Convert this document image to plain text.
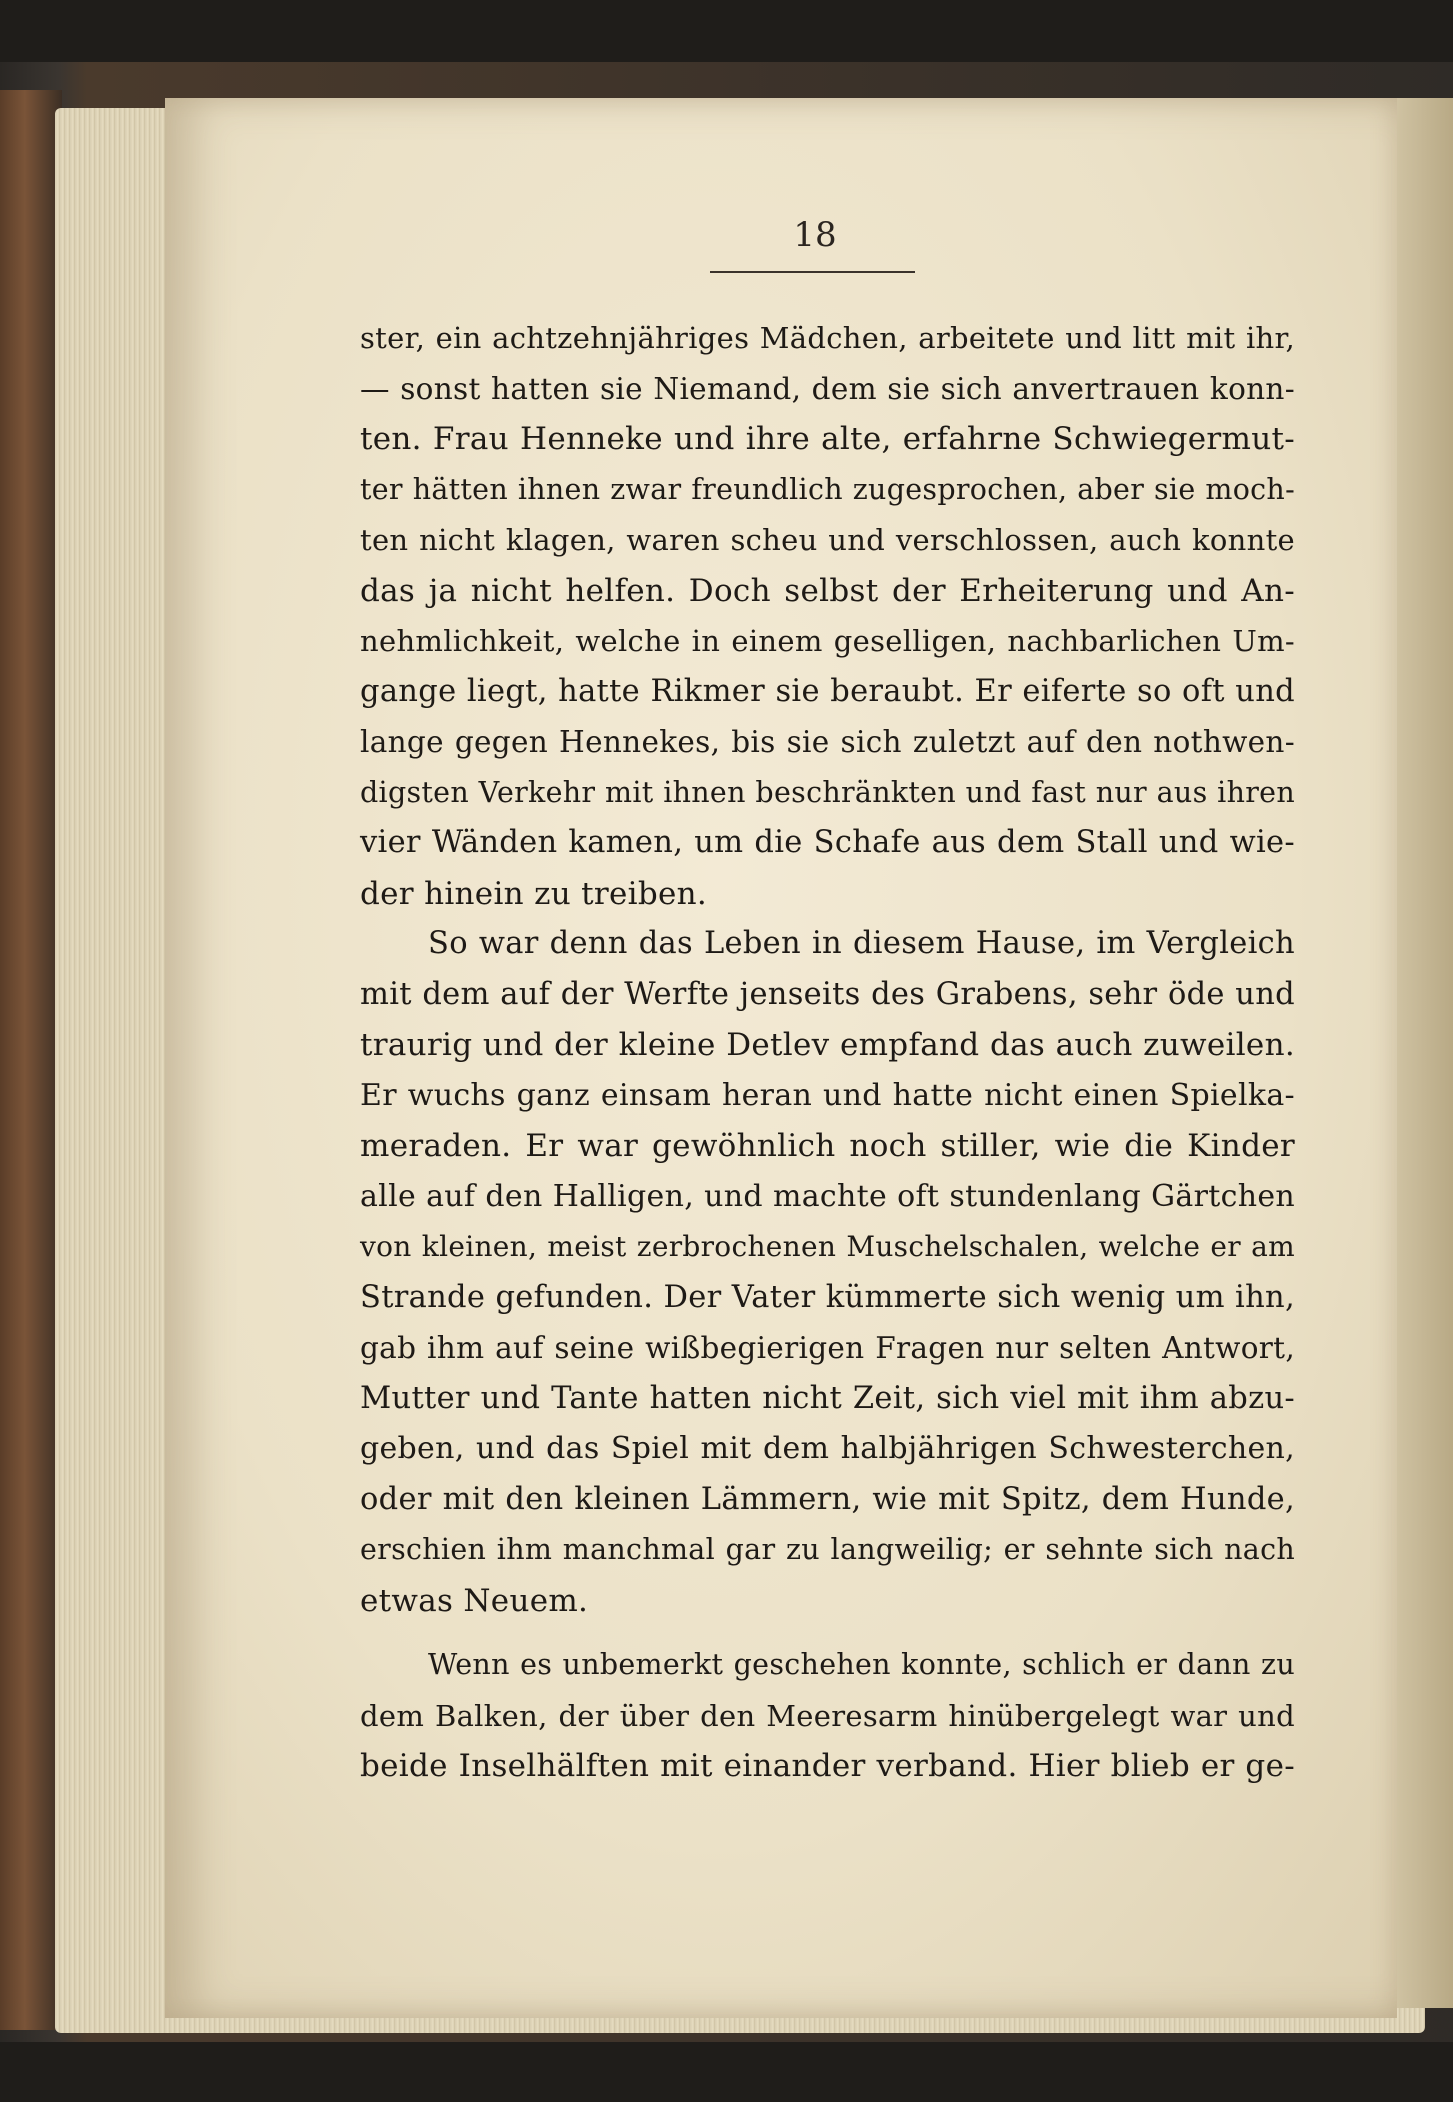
18
ster, ein achtzehnjähriges Mädchen, arbeitete und litt mit ihr,
— sonst hatten sie Niemand, dem sie sich anvertrauen konn-
ten. Frau Henneke und ihre alte, erfahrne Schwiegermut-
ter hätten ihnen zwar freundlich zugesprochen, aber sie moch-
ten nicht klagen, waren scheu und verschlossen, auch konnte
das ja nicht helfen. Doch selbst der Erheiterung und An-
nehmlichkeit, welche in einem geselligen, nachbarlichen Um-
gange liegt, hatte Rikmer sie beraubt. Er eiferte so oft und
lange gegen Hennekes, bis sie sich zuletzt auf den nothwen-
digsten Verkehr mit ihnen beschränkten und fast nur aus ihren
vier Wänden kamen, um die Schafe aus dem Stall und wie-
der hinein zu treiben.
So war denn das Leben in diesem Hause, im Vergleich
mit dem auf der Werfte jenseits des Grabens, sehr öde und
traurig und der kleine Detlev empfand das auch zuweilen.
Er wuchs ganz einsam heran und hatte nicht einen Spielka-
meraden. Er war gewöhnlich noch stiller, wie die Kinder
alle auf den Halligen, und machte oft stundenlang Gärtchen
von kleinen, meist zerbrochenen Muschelschalen, welche er am
Strande gefunden. Der Vater kümmerte sich wenig um ihn,
gab ihm auf seine wißbegierigen Fragen nur selten Antwort,
Mutter und Tante hatten nicht Zeit, sich viel mit ihm abzu-
geben, und das Spiel mit dem halbjährigen Schwesterchen,
oder mit den kleinen Lämmern, wie mit Spitz, dem Hunde,
erschien ihm manchmal gar zu langweilig; er sehnte sich nach
etwas Neuem.
Wenn es unbemerkt geschehen konnte, schlich er dann zu
dem Balken, der über den Meeresarm hinübergelegt war und
beide Inselhälften mit einander verband. Hier blieb er ge-
